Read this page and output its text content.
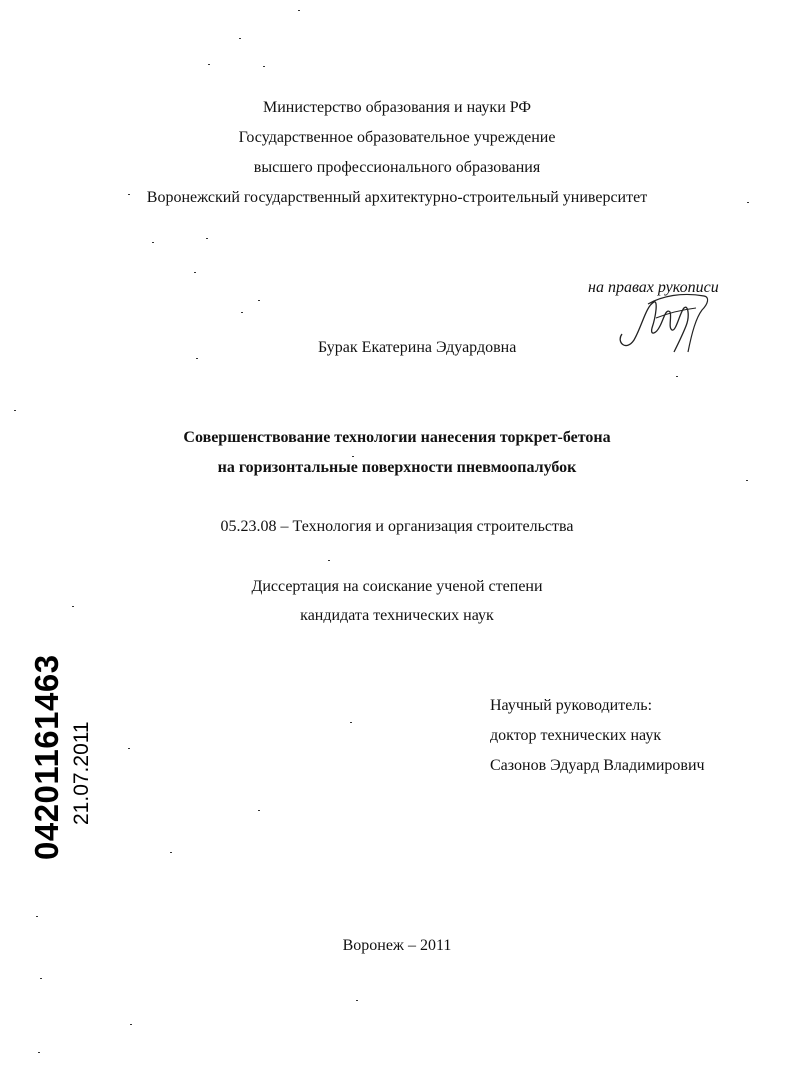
Министерство образования и науки РФ
Государственное образовательное учреждение
высшего профессионального образования
Воронежский государственный архитектурно-строительный университет
на правах рукописи
Бурак Екатерина Эдуардовна
Совершенствование технологии нанесения торкрет-бетона
на горизонтальные поверхности пневмоопалубок
05.23.08 – Технология и организация строительства
Диссертация на соискание ученой степени
кандидата технических наук
Научный руководитель:
доктор технических наук
Сазонов Эдуард Владимирович
Воронеж – 2011
04201161463 21.07.2011
